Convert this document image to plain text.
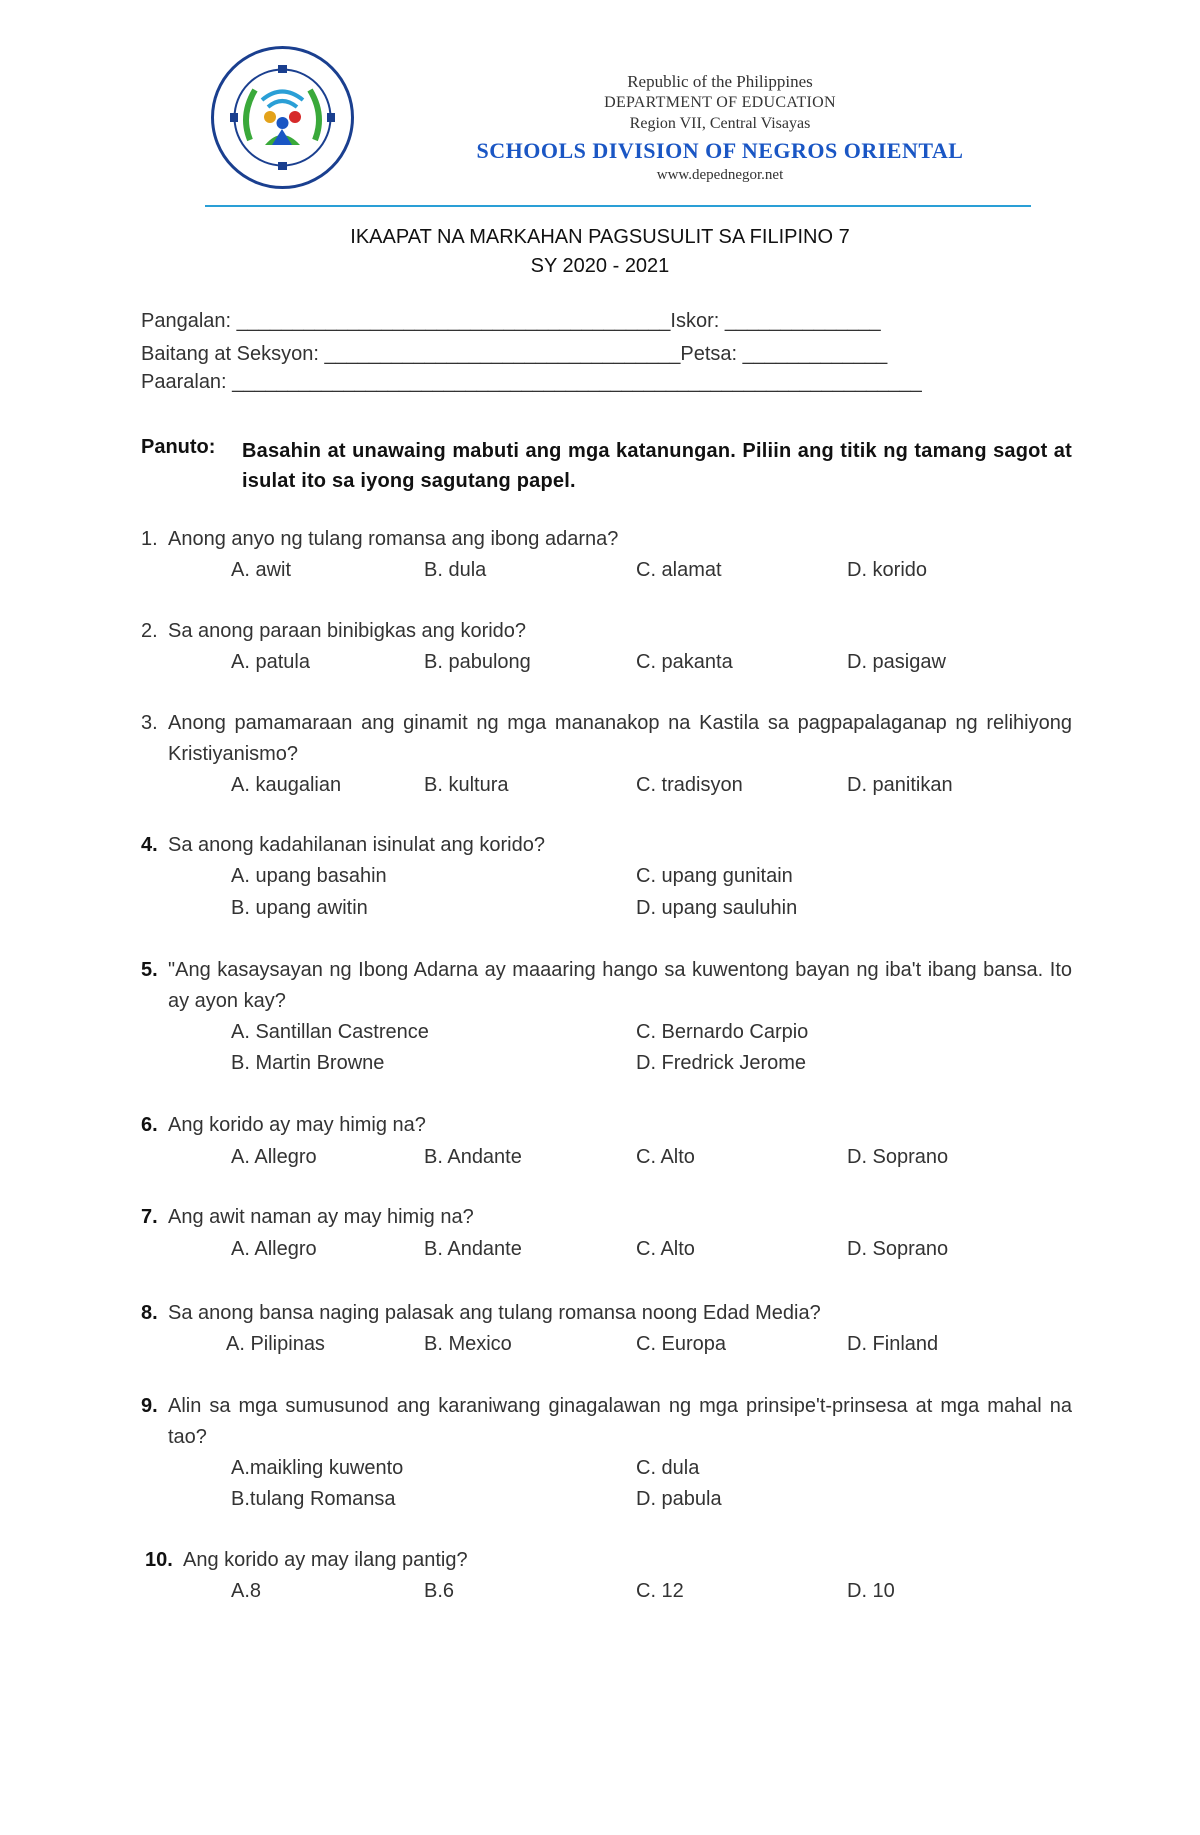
Republic of the Philippines
DEPARTMENT OF EDUCATION
Region VII, Central Visayas
SCHOOLS DIVISION OF NEGROS ORIENTAL
www.depednegor.net
IKAAPAT NA MARKAHAN PAGSUSULIT SA FILIPINO 7
SY 2020 - 2021
Pangalan: _______________________________________Iskor: ______________
Baitang at Seksyon: ________________________________Petsa: _____________
Paaralan: ______________________________________________________________
Panuto: Basahin at unawaing mabuti ang mga katanungan. Piliin ang titik ng tamang sagot at isulat ito sa iyong sagutang papel.
1. Anong anyo ng tulang romansa ang ibong adarna?
A. awit	B. dula	C. alamat	D. korido
2. Sa anong paraan binibigkas ang korido?
A. patula	B. pabulong	C. pakanta	D. pasigaw
3. Anong pamamaraan ang ginamit ng mga mananakop na Kastila sa pagpapalaganap ng relihiyong Kristiyanismo?
A. kaugalian	B. kultura	C. tradisyon	D. panitikan
4. Sa anong kadahilanan isinulat ang korido?
A. upang basahin	C. upang gunitain
B. upang awitin	D. upang sauluhin
5. "Ang kasaysayan ng Ibong Adarna ay maaaring hango sa kuwentong bayan ng iba't ibang bansa. Ito ay ayon kay?
A. Santillan Castrence	C. Bernardo Carpio
B. Martin Browne	D. Fredrick Jerome
6. Ang korido ay may himig na?
A. Allegro	B. Andante	C. Alto	D. Soprano
7. Ang awit naman ay may himig na?
A. Allegro	B. Andante	C. Alto	D. Soprano
8. Sa anong bansa naging palasak ang tulang romansa noong Edad Media?
A. Pilipinas	B. Mexico	C. Europa	D. Finland
9. Alin sa mga sumusunod ang karaniwang ginagalawan ng mga prinsipe't-prinsesa at mga mahal na tao?
A.maikling kuwento	C. dula
B.tulang Romansa	D. pabula
10. Ang korido ay may ilang pantig?
A.8	B.6	C. 12	D. 10
